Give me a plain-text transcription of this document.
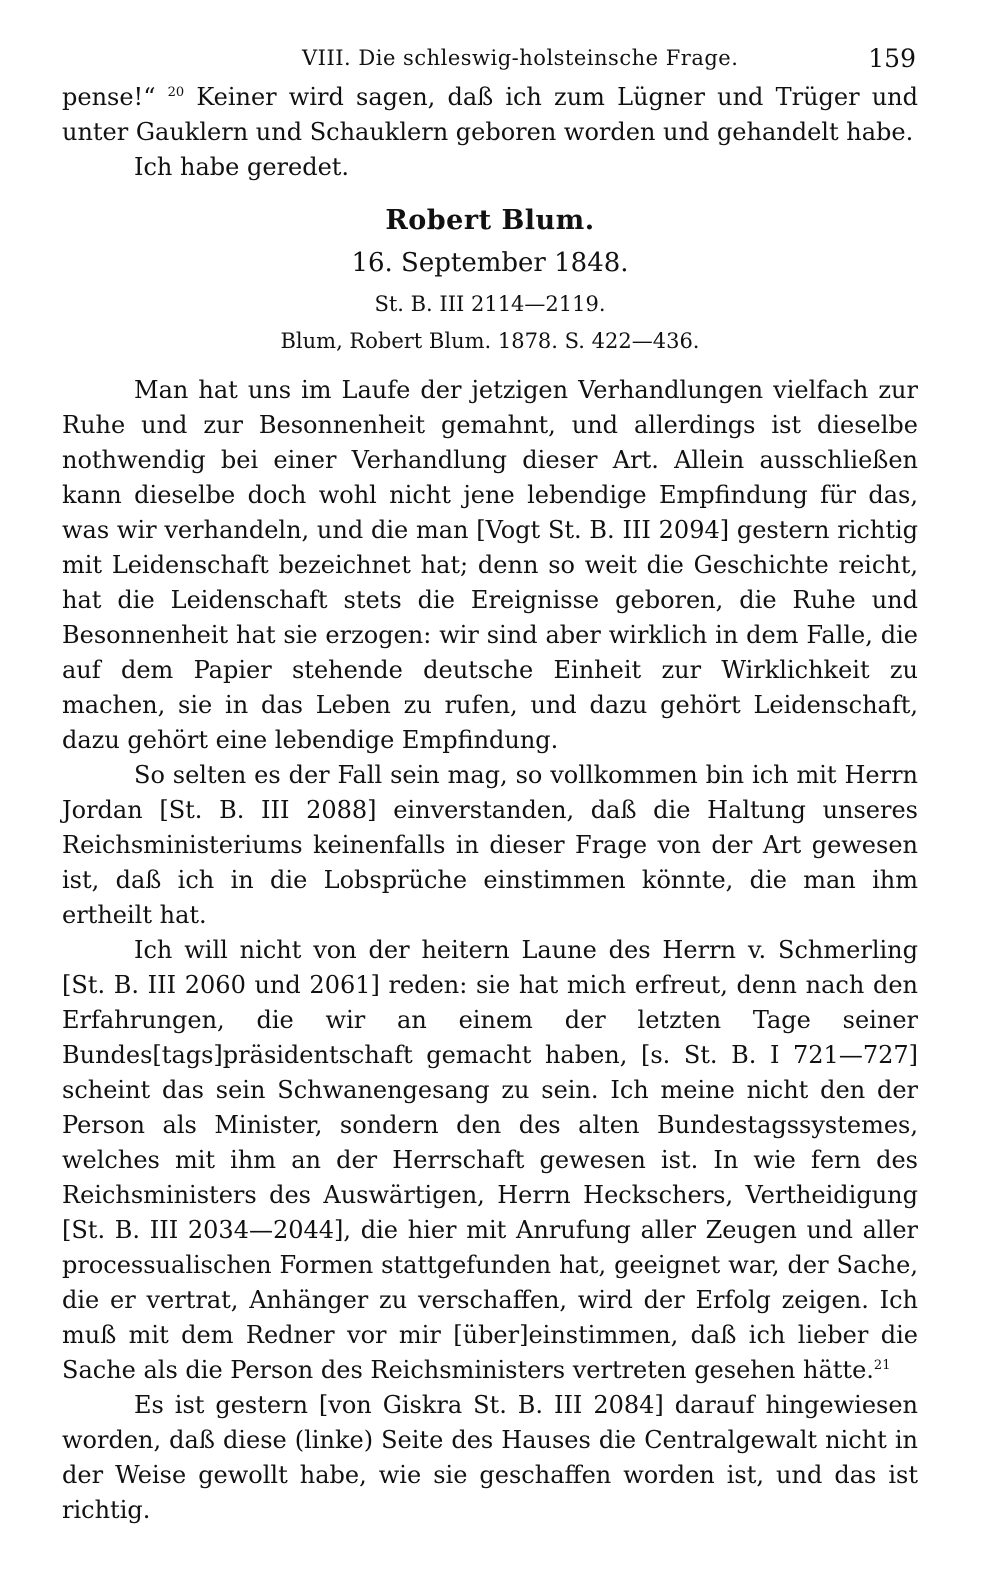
VIII. Die schleswig-holsteinsche Frage.	159

pense!“ $^{20}$ Keiner wird sagen, daß ich zum Lügner und Trüger und unter Gauklern und Schauklern geboren worden und gehandelt habe.

Ich habe geredet.

Robert Blum.
16. September 1848.
St. B. III 2114—2119.
Blum, Robert Blum. 1878. S. 422—436.

Man hat uns im Laufe der jetzigen Verhandlungen vielfach zur Ruhe und zur Besonnenheit gemahnt, und allerdings ist dieselbe nothwendig bei einer Verhandlung dieser Art. Allein ausschließen kann dieselbe doch wohl nicht jene lebendige Empfindung für das, was wir verhandeln, und die man [Vogt St. B. III 2094] gestern richtig mit Leidenschaft bezeichnet hat; denn so weit die Geschichte reicht, hat die Leidenschaft stets die Ereignisse geboren, die Ruhe und Besonnenheit hat sie erzogen: wir sind aber wirklich in dem Falle, die auf dem Papier stehende deutsche Einheit zur Wirklichkeit zu machen, sie in das Leben zu rufen, und dazu gehört Leidenschaft, dazu gehört eine lebendige Empfindung.

So selten es der Fall sein mag, so vollkommen bin ich mit Herrn Jordan [St. B. III 2088] einverstanden, daß die Haltung unseres Reichsministeriums keinenfalls in dieser Frage von der Art gewesen ist, daß ich in die Lobsprüche einstimmen könnte, die man ihm ertheilt hat.

Ich will nicht von der heitern Laune des Herrn v. Schmerling [St. B. III 2060 und 2061] reden: sie hat mich erfreut, denn nach den Erfahrungen, die wir an einem der letzten Tage seiner Bundes[tags]präsidentschaft gemacht haben, [s. St. B. I 721—727] scheint das sein Schwanengesang zu sein. Ich meine nicht den der Person als Minister, sondern den des alten Bundestagssystemes, welches mit ihm an der Herrschaft gewesen ist. In wie fern des Reichsministers des Auswärtigen, Herrn Heckschers, Vertheidigung [St. B. III 2034—2044], die hier mit Anrufung aller Zeugen und aller processualischen Formen stattgefunden hat, geeignet war, der Sache, die er vertrat, Anhänger zu verschaffen, wird der Erfolg zeigen. Ich muß mit dem Redner vor mir [über]einstimmen, daß ich lieber die Sache als die Person des Reichsministers vertreten gesehen hätte.$^{21}$

Es ist gestern [von Giskra St. B. III 2084] darauf hingewiesen worden, daß diese (linke) Seite des Hauses die Centralgewalt nicht in der Weise gewollt habe, wie sie geschaffen worden ist, und das ist richtig.
